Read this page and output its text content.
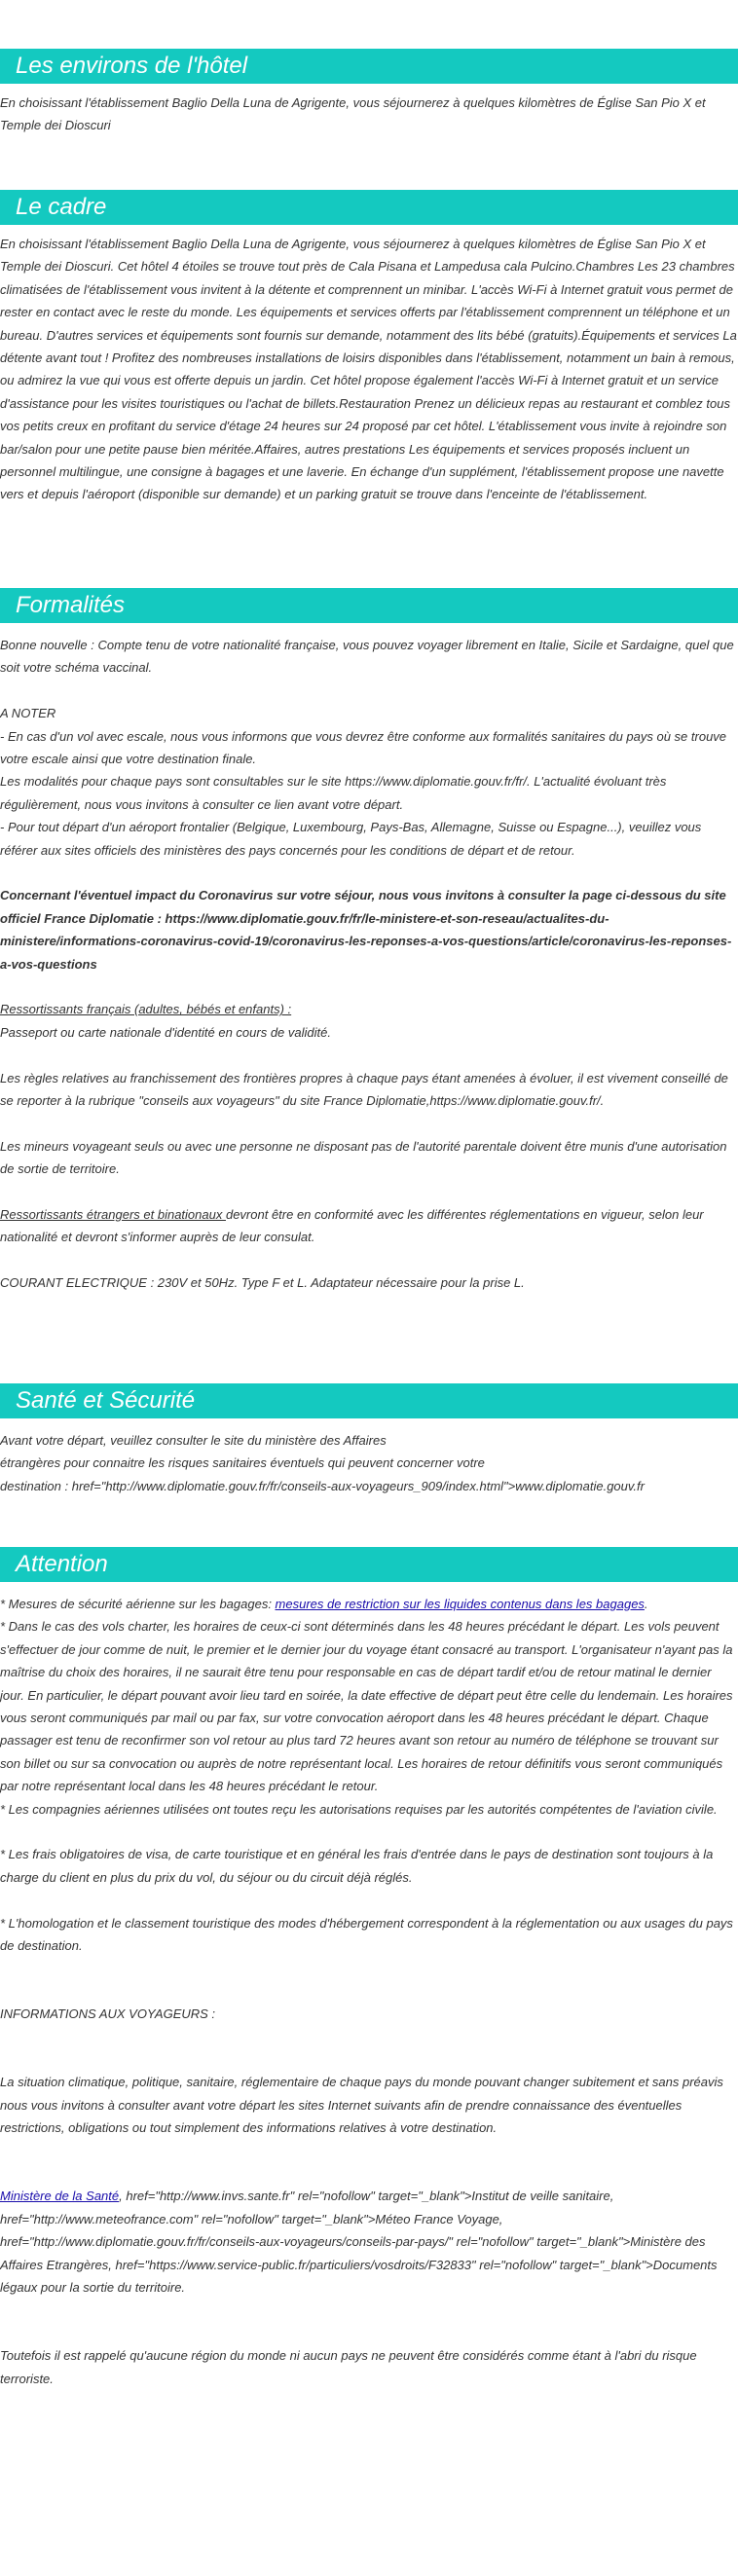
Les environs de l'hôtel

En choisissant l'établissement Baglio Della Luna de Agrigente, vous séjournerez à quelques kilomètres de Église San Pio X et Temple dei Dioscuri

Le cadre

En choisissant l'établissement Baglio Della Luna de Agrigente, vous séjournerez à quelques kilomètres de Église San Pio X et Temple dei Dioscuri. Cet hôtel 4 étoiles se trouve tout près de Cala Pisana et Lampedusa cala Pulcino.Chambres Les 23 chambres climatisées de l'établissement vous invitent à la détente et comprennent un minibar. L'accès Wi-Fi à Internet gratuit vous permet de rester en contact avec le reste du monde. Les équipements et services offerts par l'établissement comprennent un téléphone et un bureau. D'autres services et équipements sont fournis sur demande, notamment des lits bébé (gratuits).Équipements et services La détente avant tout ! Profitez des nombreuses installations de loisirs disponibles dans l'établissement, notamment un bain à remous, ou admirez la vue qui vous est offerte depuis un jardin. Cet hôtel propose également l'accès Wi-Fi à Internet gratuit et un service d'assistance pour les visites touristiques ou l'achat de billets.Restauration Prenez un délicieux repas au restaurant et comblez tous vos petits creux en profitant du service d'étage 24 heures sur 24 proposé par cet hôtel. L'établissement vous invite à rejoindre son bar/salon pour une petite pause bien méritée.Affaires, autres prestations Les équipements et services proposés incluent un personnel multilingue, une consigne à bagages et une laverie. En échange d'un supplément, l'établissement propose une navette vers et depuis l'aéroport (disponible sur demande) et un parking gratuit se trouve dans l'enceinte de l'établissement.

Formalités

Bonne nouvelle : Compte tenu de votre nationalité française, vous pouvez voyager librement en Italie, Sicile et Sardaigne, quel que soit votre schéma vaccinal.

A NOTER

- En cas d'un vol avec escale, nous vous informons que vous devrez être conforme aux formalités sanitaires du pays où se trouve votre escale ainsi que votre destination finale.

Les modalités pour chaque pays sont consultables sur le site https://www.diplomatie.gouv.fr/fr/. L'actualité évoluant très régulièrement, nous vous invitons à consulter ce lien avant votre départ.

- Pour tout départ d'un aéroport frontalier (Belgique, Luxembourg, Pays-Bas, Allemagne, Suisse ou Espagne...), veuillez vous référer aux sites officiels des ministères des pays concernés pour les conditions de départ et de retour.

Concernant l'éventuel impact du Coronavirus sur votre séjour, nous vous invitons à consulter la page ci-dessous du site officiel France Diplomatie : https://www.diplomatie.gouv.fr/fr/le-ministere-et-son-reseau/actualites-du-ministere/informations-coronavirus-covid-19/coronavirus-les-reponses-a-vos-questions/article/coronavirus-les-reponses-a-vos-questions

Ressortissants français (adultes, bébés et enfants) :

Passeport ou carte nationale d'identité en cours de validité.

Les règles relatives au franchissement des frontières propres à chaque pays étant amenées à évoluer, il est vivement conseillé de se reporter à la rubrique "conseils aux voyageurs" du site France Diplomatie,https://www.diplomatie.gouv.fr/.

Les mineurs voyageant seuls ou avec une personne ne disposant pas de l'autorité parentale doivent être munis d'une autorisation de sortie de territoire.

Ressortissants étrangers et binationaux devront être en conformité avec les différentes réglementations en vigueur, selon leur nationalité et devront s'informer auprès de leur consulat.

COURANT ELECTRIQUE : 230V et 50Hz. Type F et L. Adaptateur nécessaire pour la prise L.

Santé et Sécurité

Avant votre départ, veuillez consulter le site du ministère des Affaires

étrangères pour connaitre les risques sanitaires éventuels qui peuvent concerner votre

destination : href="http://www.diplomatie.gouv.fr/fr/conseils-aux-voyageurs_909/index.html">www.diplomatie.gouv.fr

Attention

* Mesures de sécurité aérienne sur les bagages: mesures de restriction sur les liquides contenus dans les bagages.

* Dans le cas des vols charter, les horaires de ceux-ci sont déterminés dans les 48 heures précédant le départ. Les vols peuvent s'effectuer de jour comme de nuit, le premier et le dernier jour du voyage étant consacré au transport. L'organisateur n'ayant pas la maîtrise du choix des horaires, il ne saurait être tenu pour responsable en cas de départ tardif et/ou de retour matinal le dernier jour. En particulier, le départ pouvant avoir lieu tard en soirée, la date effective de départ peut être celle du lendemain. Les horaires vous seront communiqués par mail ou par fax, sur votre convocation aéroport dans les 48 heures précédant le départ. Chaque passager est tenu de reconfirmer son vol retour au plus tard 72 heures avant son retour au numéro de téléphone se trouvant sur son billet ou sur sa convocation ou auprès de notre représentant local. Les horaires de retour définitifs vous seront communiqués par notre représentant local dans les 48 heures précédant le retour.

* Les compagnies aériennes utilisées ont toutes reçu les autorisations requises par les autorités compétentes de l'aviation civile.

* Les frais obligatoires de visa, de carte touristique et en général les frais d'entrée dans le pays de destination sont toujours à la charge du client en plus du prix du vol, du séjour ou du circuit déjà réglés.

* L'homologation et le classement touristique des modes d'hébergement correspondent à la réglementation ou aux usages du pays de destination.

INFORMATIONS AUX VOYAGEURS :

La situation climatique, politique, sanitaire, réglementaire de chaque pays du monde pouvant changer subitement et sans préavis

nous vous invitons à consulter avant votre départ les sites Internet suivants afin de prendre connaissance des éventuelles restrictions, obligations ou tout simplement des informations relatives à votre destination.

Ministère de la Santé, href="http://www.invs.sante.fr" rel="nofollow" target="_blank">Institut de veille sanitaire, href="http://www.meteofrance.com" rel="nofollow" target="_blank">Méteo France Voyage, href="http://www.diplomatie.gouv.fr/fr/conseils-aux-voyageurs/conseils-par-pays/" rel="nofollow" target="_blank">Ministère des Affaires Etrangères, href="https://www.service-public.fr/particuliers/vosdroits/F32833" rel="nofollow" target="_blank">Documents légaux pour la sortie du territoire.

Toutefois il est rappelé qu'aucune région du monde ni aucun pays ne peuvent être considérés comme étant à l'abri du risque terroriste.
